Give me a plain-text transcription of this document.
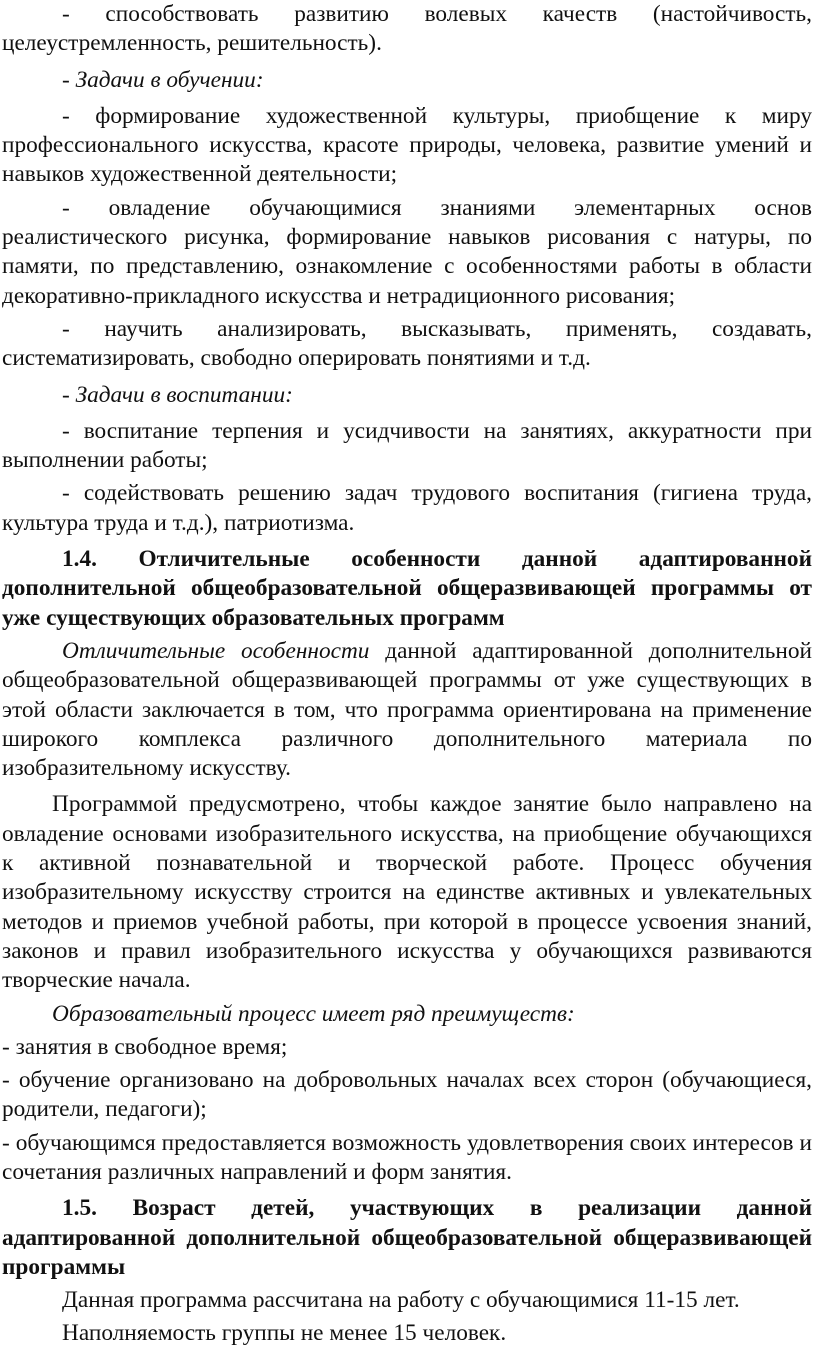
- способствовать развитию волевых качеств (настойчивость, целеустремленность, решительность).

- Задачи в обучении:

- формирование художественной культуры, приобщение к миру профессионального искусства, красоте природы, человека, развитие умений и навыков художественной деятельности;

- овладение обучающимися знаниями элементарных основ реалистического рисунка, формирование навыков рисования с натуры, по памяти, по представлению, ознакомление с особенностями работы в области декоративно-прикладного искусства и нетрадиционного рисования;

- научить анализировать, высказывать, применять, создавать, систематизировать, свободно оперировать понятиями и т.д.

- Задачи в воспитании:

- воспитание терпения и усидчивости на занятиях, аккуратности при выполнении работы;

- содействовать решению задач трудового воспитания (гигиена труда, культура труда и т.д.), патриотизма.

1.4. Отличительные особенности данной адаптированной дополнительной общеобразовательной общеразвивающей программы от уже существующих образовательных программ

Отличительные особенности данной адаптированной дополнительной общеобразовательной общеразвивающей программы от уже существующих в этой области заключается в том, что программа ориентирована на применение широкого комплекса различного дополнительного материала по изобразительному искусству.

Программой предусмотрено, чтобы каждое занятие было направлено на овладение основами изобразительного искусства, на приобщение обучающихся к активной познавательной и творческой работе. Процесс обучения изобразительному искусству строится на единстве активных и увлекательных методов и приемов учебной работы, при которой в процессе усвоения знаний, законов и правил изобразительного искусства у обучающихся развиваются творческие начала.

Образовательный процесс имеет ряд преимуществ:

- занятия в свободное время;

- обучение организовано на добровольных началах всех сторон (обучающиеся, родители, педагоги);

- обучающимся предоставляется возможность удовлетворения своих интересов и сочетания различных направлений и форм занятия.

1.5. Возраст детей, участвующих в реализации данной адаптированной дополнительной общеобразовательной общеразвивающей программы

Данная программа рассчитана на работу с обучающимися 11-15 лет.

Наполняемость группы не менее 15 человек.
